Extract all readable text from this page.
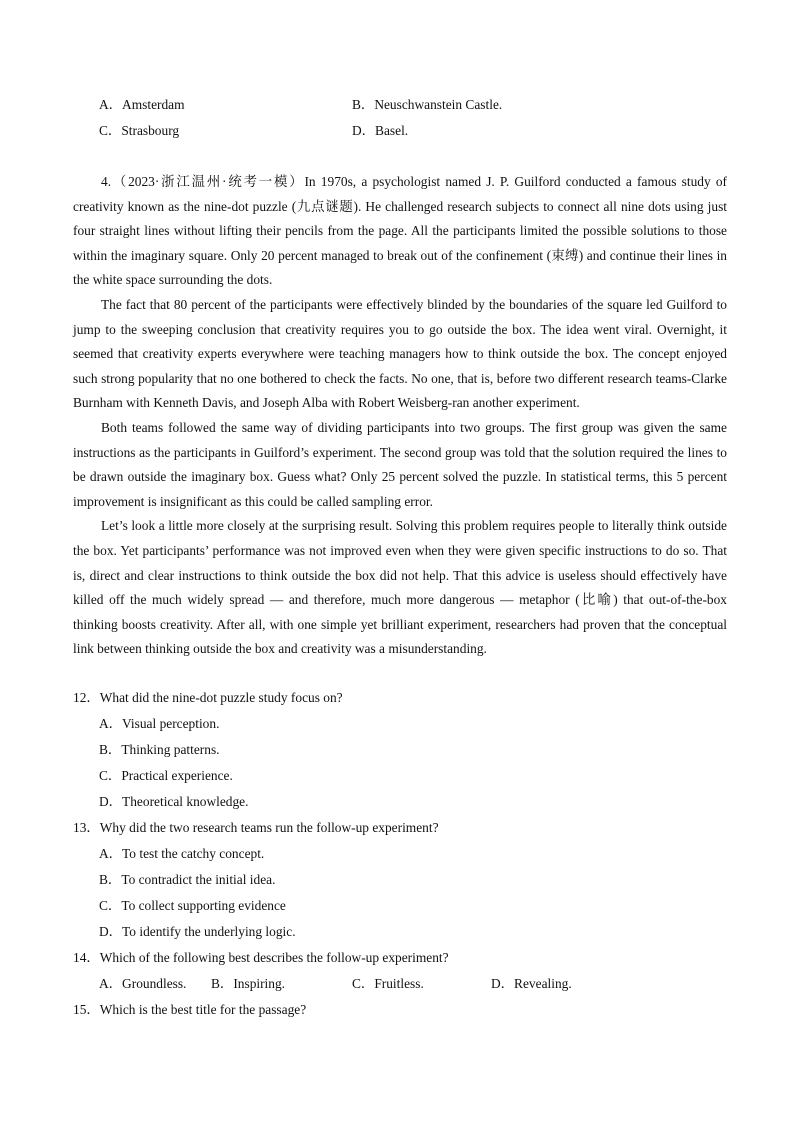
A．Amsterdam	B．Neuschwanstein Castle.
C．Strasbourg	D．Basel.

4.（2023·浙江温州·统考一模）In 1970s, a psychologist named J. P. Guilford conducted a famous study of creativity known as the nine-dot puzzle (九点谜题). He challenged research subjects to connect all nine dots using just four straight lines without lifting their pencils from the page. All the participants limited the possible solutions to those within the imaginary square. Only 20 percent managed to break out of the confinement (束缚) and continue their lines in the white space surrounding the dots.

The fact that 80 percent of the participants were effectively blinded by the boundaries of the square led Guilford to jump to the sweeping conclusion that creativity requires you to go outside the box. The idea went viral. Overnight, it seemed that creativity experts everywhere were teaching managers how to think outside the box. The concept enjoyed such strong popularity that no one bothered to check the facts. No one, that is, before two different research teams-Clarke Burnham with Kenneth Davis, and Joseph Alba with Robert Weisberg-ran another experiment.

Both teams followed the same way of dividing participants into two groups. The first group was given the same instructions as the participants in Guilford’s experiment. The second group was told that the solution required the lines to be drawn outside the imaginary box. Guess what? Only 25 percent solved the puzzle. In statistical terms, this 5 percent improvement is insignificant as this could be called sampling error.

Let’s look a little more closely at the surprising result. Solving this problem requires people to literally think outside the box. Yet participants’ performance was not improved even when they were given specific instructions to do so. That is, direct and clear instructions to think outside the box did not help. That this advice is useless should effectively have killed off the much widely spread — and therefore, much more dangerous — metaphor (比喻) that out-of-the-box thinking boosts creativity. After all, with one simple yet brilliant experiment, researchers had proven that the conceptual link between thinking outside the box and creativity was a misunderstanding.

12．What did the nine-dot puzzle study focus on?
A．Visual perception.
B．Thinking patterns.
C．Practical experience.
D．Theoretical knowledge.
13．Why did the two research teams run the follow-up experiment?
A．To test the catchy concept.
B．To contradict the initial idea.
C．To collect supporting evidence
D．To identify the underlying logic.
14．Which of the following best describes the follow-up experiment?
A．Groundless. B．Inspiring.	C．Fruitless.	D．Revealing.
15．Which is the best title for the passage?
